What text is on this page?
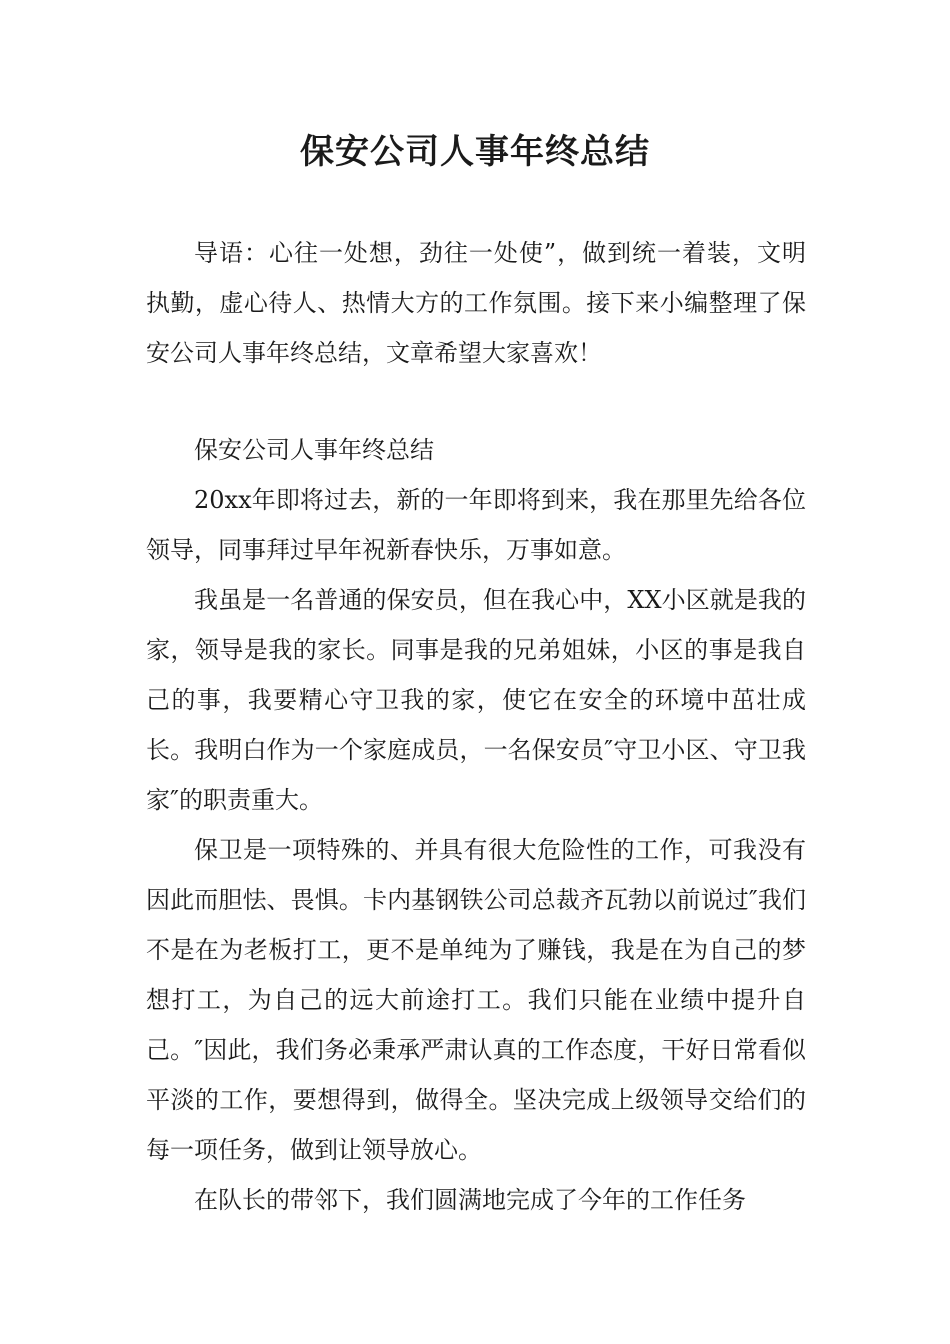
保安公司人事年终总结

导语：心往一处想，劲往一处使”，做到统一着装，文明执勤，虚心待人、热情大方的工作氛围。接下来小编整理了保安公司人事年终总结，文章希望大家喜欢！

保安公司人事年终总结

20xx年即将过去，新的一年即将到来，我在那里先给各位领导，同事拜过早年祝新春快乐，万事如意。

我虽是一名普通的保安员，但在我心中，XX小区就是我的家，领导是我的家长。同事是我的兄弟姐妹，小区的事是我自己的事，我要精心守卫我的家，使它在安全的环境中茁壮成长。我明白作为一个家庭成员，一名保安员″守卫小区、守卫我家″的职责重大。

保卫是一项特殊的、并具有很大危险性的工作，可我没有因此而胆怯、畏惧。卡内基钢铁公司总裁齐瓦勃以前说过″我们不是在为老板打工，更不是单纯为了赚钱，我是在为自己的梦想打工，为自己的远大前途打工。我们只能在业绩中提升自己。″因此，我们务必秉承严肃认真的工作态度，干好日常看似平淡的工作，要想得到，做得全。坚决完成上级领导交给们的每一项任务，做到让领导放心。

在队长的带邻下，我们圆满地完成了今年的工作任务
